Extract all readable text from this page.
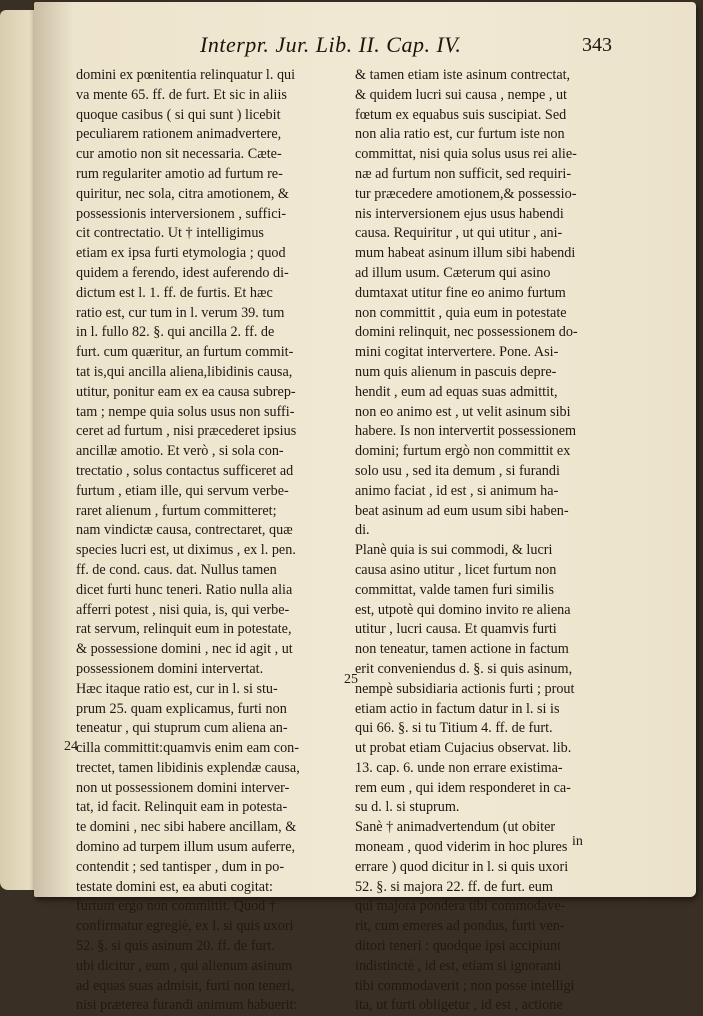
Interpr. Jur. Lib. II. Cap. IV.	343
domini ex pœnitentia relinquatur l. qui
va mente 65. ff. de furt. Et sic in aliis
quoque casibus ( si qui sunt ) licebit
peculiarem rationem animadvertere,
cur amotio non sit necessaria. Cæte-
rum regulariter amotio ad furtum re-
quiritur, nec sola, citra amotionem, &
possessionis interversionem , suffici-
cit contrectatio. Ut † intelligimus
etiam ex ipsa furti etymologia ; quod
quidem a ferendo, idest auferendo di-
dictum est l. 1. ff. de furtis. Et hæc
ratio est, cur tum in l. verum 39. tum
in l. fullo 82. §. qui ancilla 2. ff. de
furt. cum quæritur, an furtum commit-
tat is,qui ancilla aliena,libidinis causa,
utitur, ponitur eam ex ea causa subrep-
tam ; nempe quia solus usus non suffi-
ceret ad furtum , nisi præcederet ipsius
ancillæ amotio. Et verò , si sola con-
trectatio , solus contactus sufficeret ad
furtum , etiam ille, qui servum verbe-
raret alienum , furtum committeret;
nam vindictæ causa, contrectaret, quæ
species lucri est, ut diximus , ex l. pen.
ff. de cond. caus. dat. Nullus tamen
dicet furti hunc teneri. Ratio nulla alia
afferri potest , nisi quia, is, qui verbe-
rat servum, relinquit eum in potestate,
& possessione domini , nec id agit , ut
possessionem domini intervertat.
Hæc itaque ratio est, cur in l. si stu-
prum 25. quam explicamus, furti non
teneatur , qui stuprum cum aliena an-
cilla committit:quamvis enim eam con-
trectet, tamen libidinis explendæ causa,
non ut possessionem domini interver-
tat, id facit. Relinquit eam in potesta-
te domini , nec sibi habere ancillam, &
domino ad turpem illum usum auferre,
contendit ; sed tantisper , dum in po-
testate domini est, ea abuti cogitat:
furtum ergo non committit. Quod †
confirmatur egregiè, ex l. si quis uxori
52. §. si quis asinum 20. ff. de furt.
ubi dicitur , eum , qui alienum asinum
ad equas suas admisit, furti non teneri,
nisi præterea furandi animum habuerit:
& tamen etiam iste asinum contrectat,
& quidem lucri sui causa , nempe , ut
fœtum ex equabus suis suscipiat. Sed
non alia ratio est, cur furtum iste non
committat, nisi quia solus usus rei alie-
næ ad furtum non sufficit, sed requiri-
tur præcedere amotionem,& possessio-
nis interversionem ejus usus habendi
causa. Requiritur , ut qui utitur , ani-
mum habeat asinum illum sibi habendi
ad illum usum. Cæterum qui asino
dumtaxat utitur fine eo animo furtum
non committit , quia eum in potestate
domini relinquit, nec possessionem do-
mini cogitat intervertere. Pone. Asi-
num quis alienum in pascuis depre-
hendit , eum ad equas suas admittit,
non eo animo est , ut velit asinum sibi
habere. Is non intervertit possessionem
domini; furtum ergò non committit ex
solo usu , sed ita demum , si furandi
animo faciat , id est , si animum ha-
beat asinum ad eum usum sibi haben-
di.
Planè quia is sui commodi, & lucri
causa asino utitur , licet furtum non
committat, valde tamen furi similis
est, utpotè qui domino invito re aliena
utitur , lucri causa. Et quamvis furti
non teneatur, tamen actione in factum
erit conveniendus d. §. si quis asinum,
nempè subsidiaria actionis furti ; prout
etiam actio in factum datur in l. si is
qui 66. §. si tu Titium 4. ff. de furt.
ut probat etiam Cujacius observat. lib.
13. cap. 6. unde non errare existima-
rem eum , qui idem responderet in ca-
su d. l. si stuprum.
Sanè † animadvertendum (ut obiter
moneam , quod viderim in hoc plures
errare ) quod dicitur in l. si quis uxori
52. §. si majora 22. ff. de furt. eum
qui majora pondera tibi commodave-
rit, cum emeres ad pondus, furti ven-
ditori teneri : quodque ipsi accipiunt
indistinctè , id est, etiam si ignoranti
tibi commodaverit ; non posse intelligi
ita, ut furti obligetur , id est , actione
24
25
in
